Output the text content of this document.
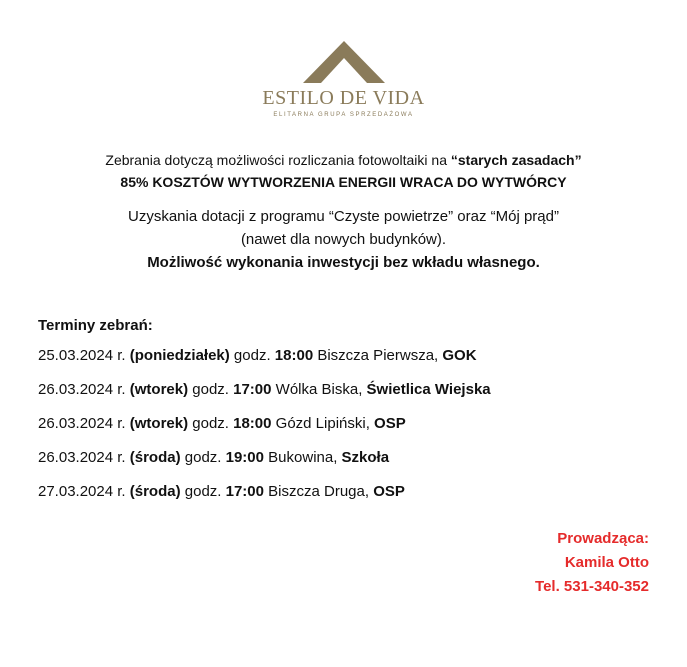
ESTILO DE VIDA
ELITARNA GRUPA SPRZEDAŻOWA
Zebrania dotyczą możliwości rozliczania fotowoltaiki na “starych zasadach”
85% KOSZTÓW WYTWORZENIA ENERGII WRACA DO WYTWÓRCY
Uzyskania dotacji z programu “Czyste powietrze” oraz “Mój prąd”
(nawet dla nowych budynków).
Możliwość wykonania inwestycji bez wkładu własnego.
Terminy zebrań:
25.03.2024 r. (poniedziałek) godz. 18:00 Biszcza Pierwsza, GOK
26.03.2024 r. (wtorek) godz. 17:00 Wólka Biska, Świetlica Wiejska
26.03.2024 r. (wtorek) godz. 18:00 Gózd Lipiński, OSP
26.03.2024 r. (środa) godz. 19:00 Bukowina, Szkoła
27.03.2024 r. (środa) godz. 17:00 Biszcza Druga, OSP
Prowadząca:
Kamila Otto
Tel. 531-340-352
